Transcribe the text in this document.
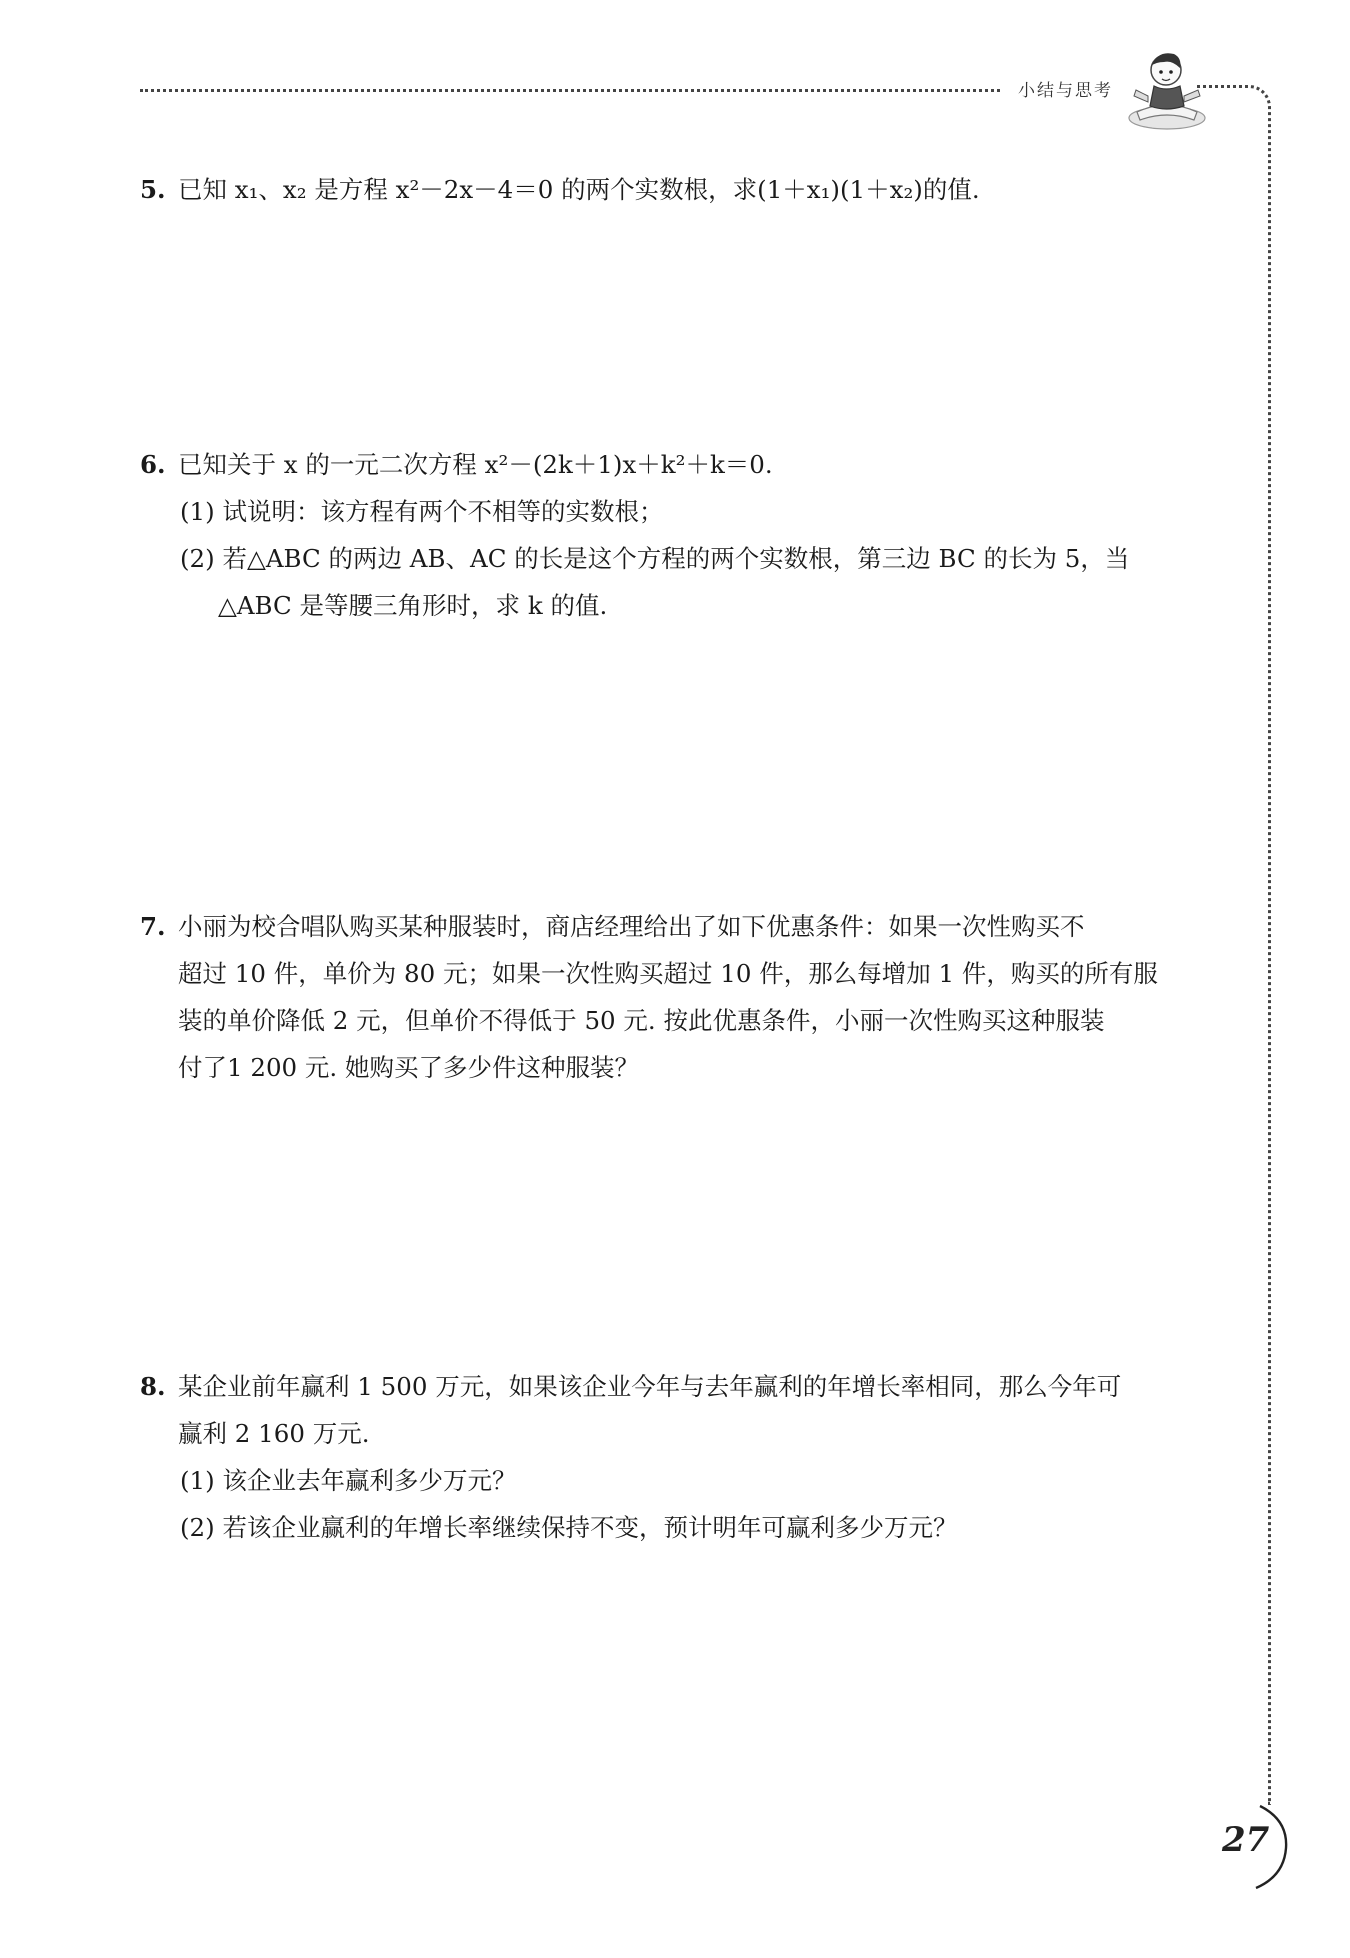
小结与思考
27
5. 已知 x₁、x₂ 是方程 x²－2x－4＝0 的两个实数根，求(1＋x₁)(1＋x₂)的值.
6. 已知关于 x 的一元二次方程 x²－(2k＋1)x＋k²＋k＝0.
(1) 试说明：该方程有两个不相等的实数根；
(2) 若△ABC 的两边 AB、AC 的长是这个方程的两个实数根，第三边 BC 的长为 5，当
△ABC 是等腰三角形时，求 k 的值.
7. 小丽为校合唱队购买某种服装时，商店经理给出了如下优惠条件：如果一次性购买不
超过 10 件，单价为 80 元；如果一次性购买超过 10 件，那么每增加 1 件，购买的所有服
装的单价降低 2 元，但单价不得低于 50 元. 按此优惠条件，小丽一次性购买这种服装
付了1 200 元. 她购买了多少件这种服装？
8. 某企业前年赢利 1 500 万元，如果该企业今年与去年赢利的年增长率相同，那么今年可
赢利 2 160 万元.
(1) 该企业去年赢利多少万元？
(2) 若该企业赢利的年增长率继续保持不变，预计明年可赢利多少万元？
